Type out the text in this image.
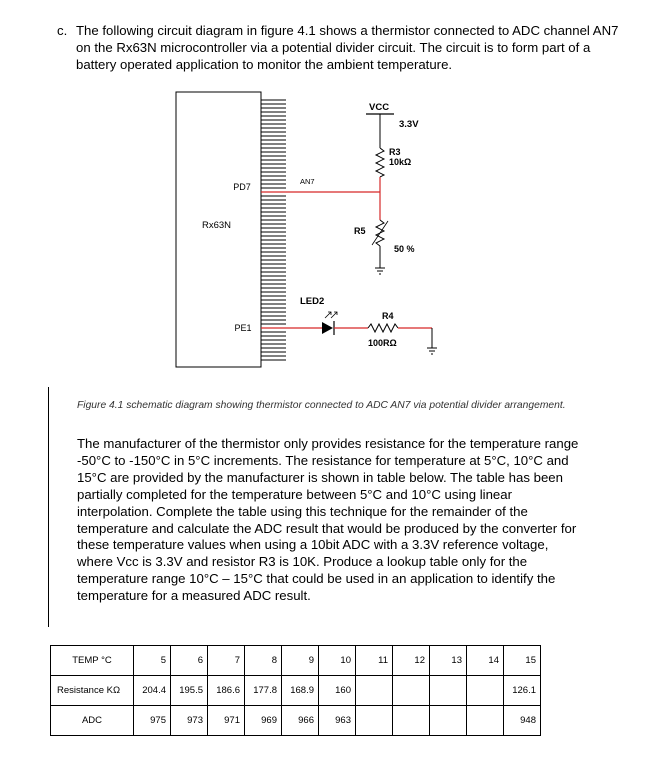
c. The following circuit diagram in figure 4.1 shows a thermistor connected to ADC channel AN7 on the Rx63N microcontroller via a potential divider circuit. The circuit is to form part of a battery operated application to monitor the ambient temperature.
PD7
Rx63N
PE1
AN7
VCC
3.3V
R3
10kΩ
R5
50 %
LED2
R4
100RΩ
Figure 4.1 schematic diagram showing thermistor connected to ADC AN7 via potential divider arrangement.
The manufacturer of the thermistor only provides resistance for the temperature range -50°C to -150°C in 5°C increments. The resistance for temperature at 5°C, 10°C and 15°C are provided by the manufacturer is shown in table below. The table has been partially completed for the temperature between 5°C and 10°C using linear interpolation. Complete the table using this technique for the remainder of the temperature and calculate the ADC result that would be produced by the converter for these temperature values when using a 10bit ADC with a 3.3V reference voltage, where Vcc is 3.3V and resistor R3 is 10K. Produce a lookup table only for the temperature range 10°C – 15°C that could be used in an application to identify the temperature for a measured ADC result.
TEMP °C	5	6	7	8	9	10	11	12	13	14	15
Resistance KΩ	204.4	195.5	186.6	177.8	168.9	160					126.1
ADC	975	973	971	969	966	963					948
